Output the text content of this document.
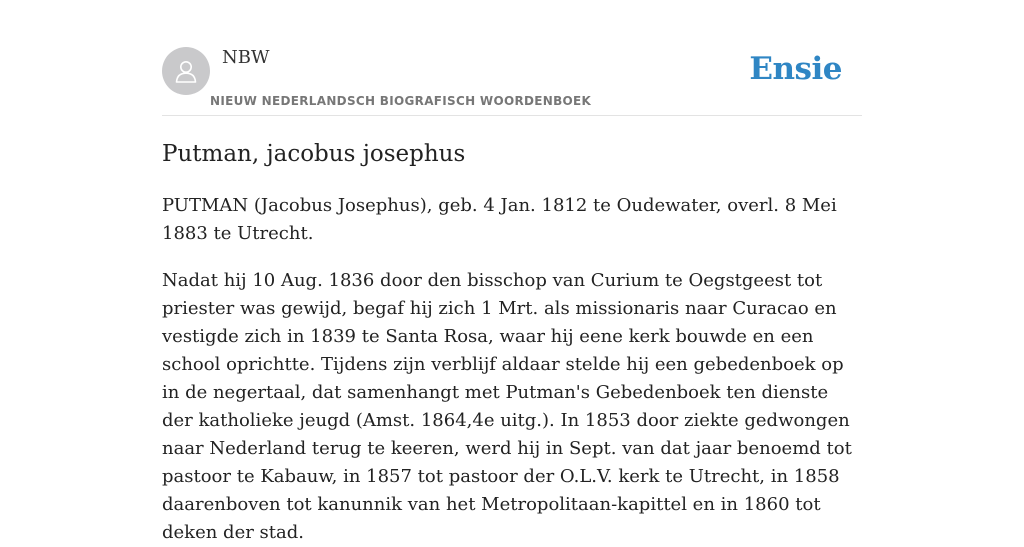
NBW
NIEUW NEDERLANDSCH BIOGRAFISCH WOORDENBOEK
Ensie
Putman, jacobus josephus

PUTMAN (Jacobus Josephus), geb. 4 Jan. 1812 te Oudewater, overl. 8 Mei 1883 te Utrecht.

Nadat hij 10 Aug. 1836 door den bisschop van Curium te Oegstgeest tot priester was gewijd, begaf hij zich 1 Mrt. als missionaris naar Curacao en vestigde zich in 1839 te Santa Rosa, waar hij eene kerk bouwde en een school oprichtte. Tijdens zijn verblijf aldaar stelde hij een gebedenboek op in de negertaal, dat samenhangt met Putman's Gebedenboek ten dienste der katholieke jeugd (Amst. 1864,4e uitg.). In 1853 door ziekte gedwongen naar Nederland terug te keeren, werd hij in Sept. van dat jaar benoemd tot pastoor te Kabauw, in 1857 tot pastoor der O.L.V. kerk te Utrecht, in 1858 daarenboven tot kanunnik van het Metropolitaan-kapittel en in 1860 tot deken der stad.
